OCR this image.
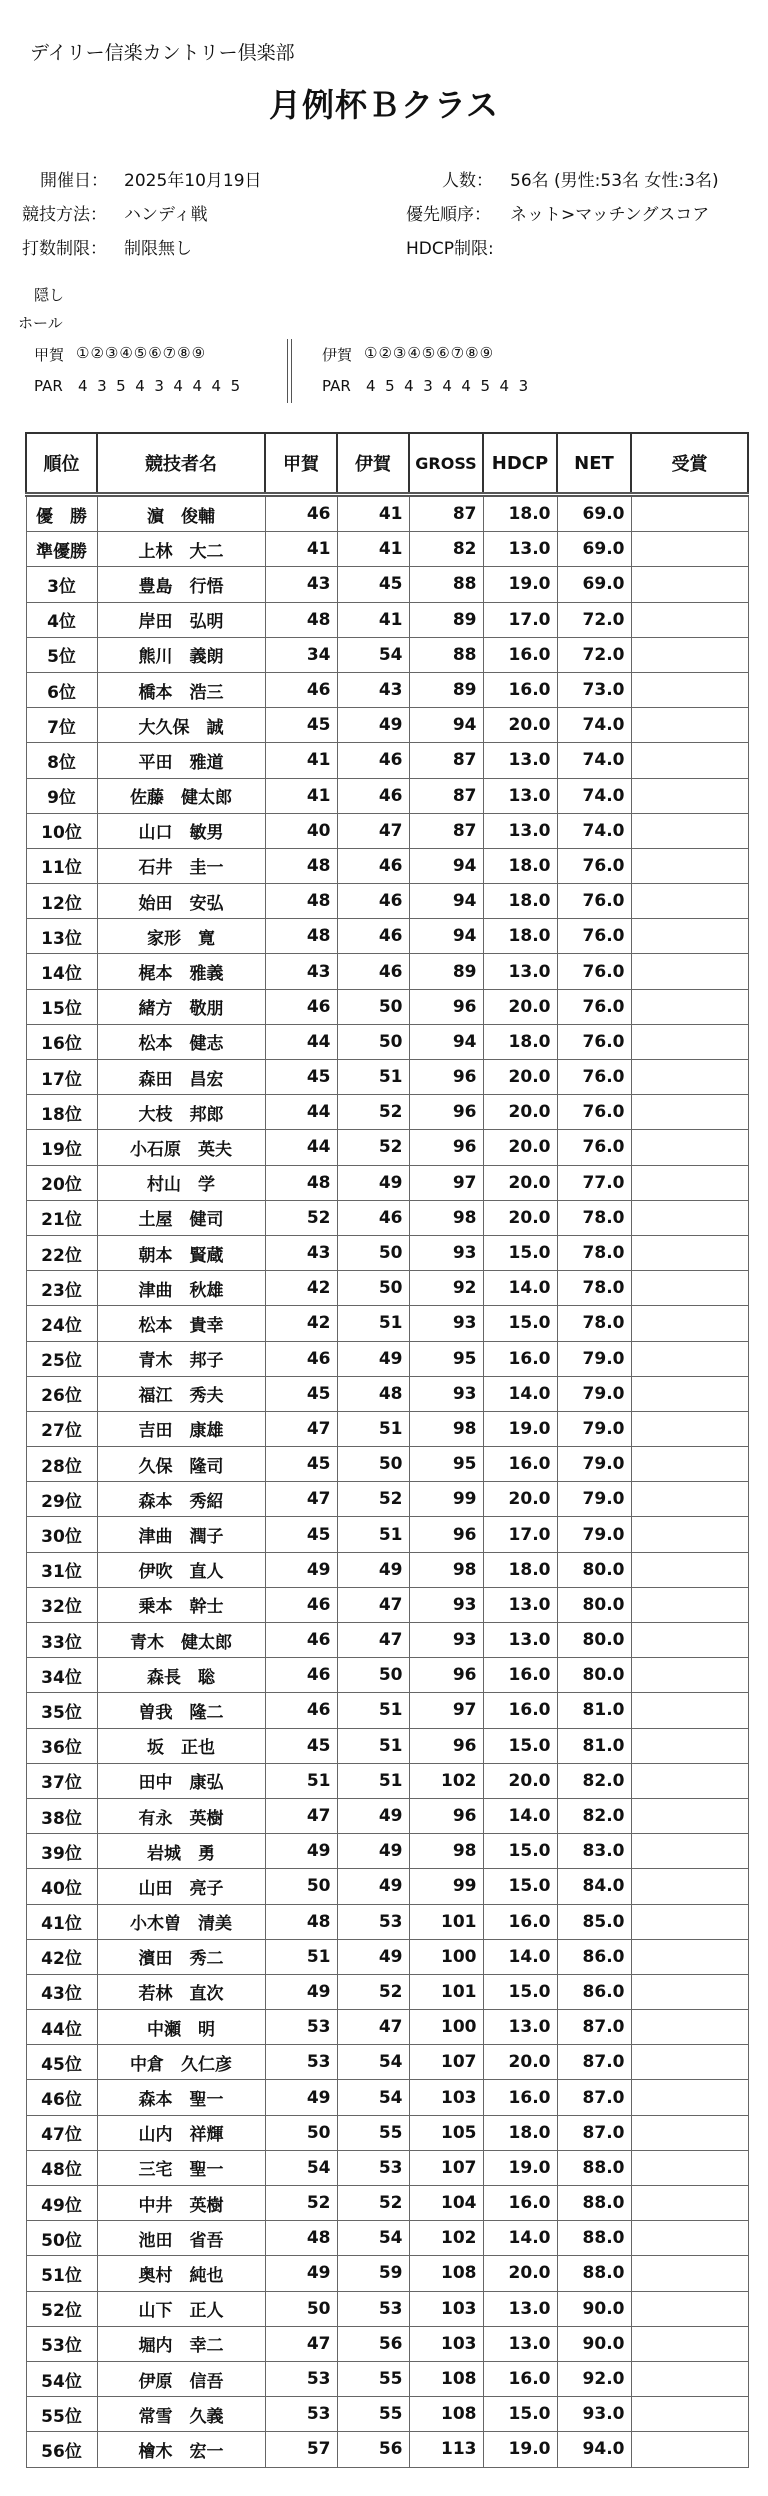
デイリー信楽カントリー倶楽部
月例杯Ｂクラス
開催日： 2025年10月19日	人数： 56名 (男性:53名 女性:3名)
競技方法： ハンディ戦	優先順序： ネット>マッチングスコア
打数制限： 制限無し	HDCP制限:
隠し
ホール
甲賀 ①②③④⑤⑥⑦⑧⑨
PAR 4  3  5  4  3  4  4  4  5
伊賀 ①②③④⑤⑥⑦⑧⑨
PAR 4  5  4  3  4  4  5  4  3
順位	競技者名	甲賀	伊賀	GROSS	HDCP	NET	受賞
優　勝	濵　俊輔	46	41	87	18.0	69.0	
準優勝	上林　大二	41	41	82	13.0	69.0	
3位	豊島　行悟	43	45	88	19.0	69.0	
4位	岸田　弘明	48	41	89	17.0	72.0	
5位	熊川　義朗	34	54	88	16.0	72.0	
6位	橋本　浩三	46	43	89	16.0	73.0	
7位	大久保　誠	45	49	94	20.0	74.0	
8位	平田　雅道	41	46	87	13.0	74.0	
9位	佐藤　健太郎	41	46	87	13.0	74.0	
10位	山口　敏男	40	47	87	13.0	74.0	
11位	石井　圭一	48	46	94	18.0	76.0	
12位	始田　安弘	48	46	94	18.0	76.0	
13位	家形　寛	48	46	94	18.0	76.0	
14位	梶本　雅義	43	46	89	13.0	76.0	
15位	緒方　敬朋	46	50	96	20.0	76.0	
16位	松本　健志	44	50	94	18.0	76.0	
17位	森田　昌宏	45	51	96	20.0	76.0	
18位	大枝　邦郎	44	52	96	20.0	76.0	
19位	小石原　英夫	44	52	96	20.0	76.0	
20位	村山　学	48	49	97	20.0	77.0	
21位	土屋　健司	52	46	98	20.0	78.0	
22位	朝本　賢蔵	43	50	93	15.0	78.0	
23位	津曲　秋雄	42	50	92	14.0	78.0	
24位	松本　貴幸	42	51	93	15.0	78.0	
25位	青木　邦子	46	49	95	16.0	79.0	
26位	福江　秀夫	45	48	93	14.0	79.0	
27位	吉田　康雄	47	51	98	19.0	79.0	
28位	久保　隆司	45	50	95	16.0	79.0	
29位	森本　秀紹	47	52	99	20.0	79.0	
30位	津曲　潤子	45	51	96	17.0	79.0	
31位	伊吹　直人	49	49	98	18.0	80.0	
32位	乗本　幹士	46	47	93	13.0	80.0	
33位	青木　健太郎	46	47	93	13.0	80.0	
34位	森長　聡	46	50	96	16.0	80.0	
35位	曽我　隆二	46	51	97	16.0	81.0	
36位	坂　正也	45	51	96	15.0	81.0	
37位	田中　康弘	51	51	102	20.0	82.0	
38位	有永　英樹	47	49	96	14.0	82.0	
39位	岩城　勇	49	49	98	15.0	83.0	
40位	山田　亮子	50	49	99	15.0	84.0	
41位	小木曽　清美	48	53	101	16.0	85.0	
42位	濱田　秀二	51	49	100	14.0	86.0	
43位	若林　直次	49	52	101	15.0	86.0	
44位	中瀬　明	53	47	100	13.0	87.0	
45位	中倉　久仁彦	53	54	107	20.0	87.0	
46位	森本　聖一	49	54	103	16.0	87.0	
47位	山内　祥輝	50	55	105	18.0	87.0	
48位	三宅　聖一	54	53	107	19.0	88.0	
49位	中井　英樹	52	52	104	16.0	88.0	
50位	池田　省吾	48	54	102	14.0	88.0	
51位	奥村　純也	49	59	108	20.0	88.0	
52位	山下　正人	50	53	103	13.0	90.0	
53位	堀内　幸二	47	56	103	13.0	90.0	
54位	伊原　信吾	53	55	108	16.0	92.0	
55位	常雪　久義	53	55	108	15.0	93.0	
56位	檜木　宏一	57	56	113	19.0	94.0	
